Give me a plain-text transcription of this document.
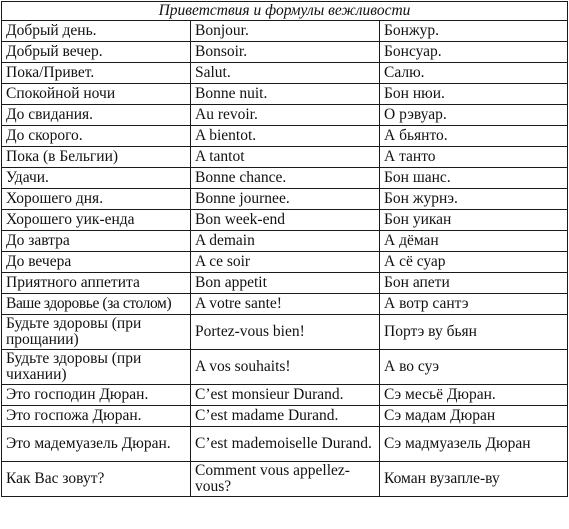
Приветствия и формулы вежливости		
Добрый день.	Bonjour.	Бонжур.
Добрый вечер.	Bonsoir.	Бонсуар.
Пока/Привет.	Salut.	Салю.
Спокойной ночи	Bonne nuit.	Бон нюи.
До свидания.	Au revoir.	О рэвуар.
До скорого.	A bientot.	А бьянто.
Пока (в Бельгии)	A tantot	А танто
Удачи.	Bonne chance.	Бон шанс.
Хорошего дня.	Bonne journee.	Бон журнэ.
Хорошего уик-енда	Bon week-end	Бон уикан
До завтра	A demain	А дёман
До вечера	A ce soir	А сё суар
Приятного аппетита	Bon appetit	Бон апети
Ваше здоровье (за столом)	A votre sante!	А вотр сантэ
Будьте здоровы (при прощании)	Portez-vous bien!	Портэ ву бьян
Будьте здоровы (при чихании)	A vos souhaits!	А во суэ
Это господин Дюран.	C’est monsieur Durand.	Сэ месьё Дюран.
Это госпожа Дюран.	C’est madame Durand.	Сэ мадам Дюран
Это мадемуазель Дюран.	C’est mademoiselle Durand.	Сэ мадмуазель Дюран
Как Вас зовут?	Comment vous appellez-vous?	Коман вузапле-ву
